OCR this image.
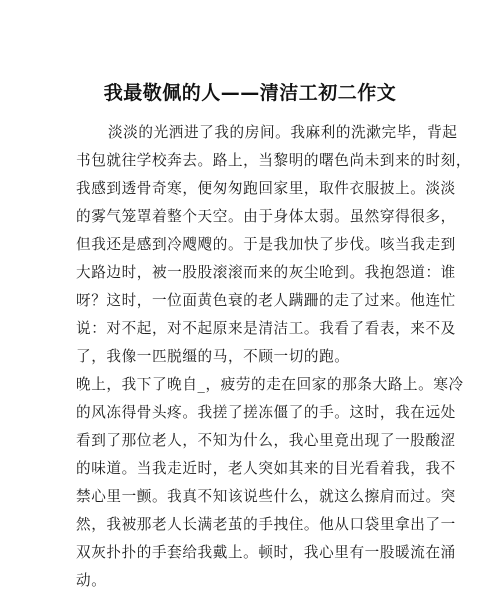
我最敬佩的人——清洁工初二作文
淡淡的光洒进了我的房间。我麻利的洗漱完毕，背起
书包就往学校奔去。路上，当黎明的曙色尚未到来的时刻，
我感到透骨奇寒，便匆匆跑回家里，取件衣服披上。淡淡
的雾气笼罩着整个天空。由于身体太弱。虽然穿得很多，
但我还是感到冷飕飕的。于是我加快了步伐。咳当我走到
大路边时，被一股股滚滚而来的灰尘呛到。我抱怨道：谁
呀？这时，一位面黄色衰的老人蹒跚的走了过来。他连忙
说：对不起，对不起原来是清洁工。我看了看表，来不及
了，我像一匹脱缰的马，不顾一切的跑。
晚上，我下了晚自_，疲劳的走在回家的那条大路上。寒冷
的风冻得骨头疼。我搓了搓冻僵了的手。这时，我在远处
看到了那位老人，不知为什么，我心里竟出现了一股酸涩
的味道。当我走近时，老人突如其来的目光看着我，我不
禁心里一颤。我真不知该说些什么，就这么擦肩而过。突
然，我被那老人长满老茧的手拽住。他从口袋里拿出了一
双灰扑扑的手套给我戴上。顿时，我心里有一股暖流在涌
动。
